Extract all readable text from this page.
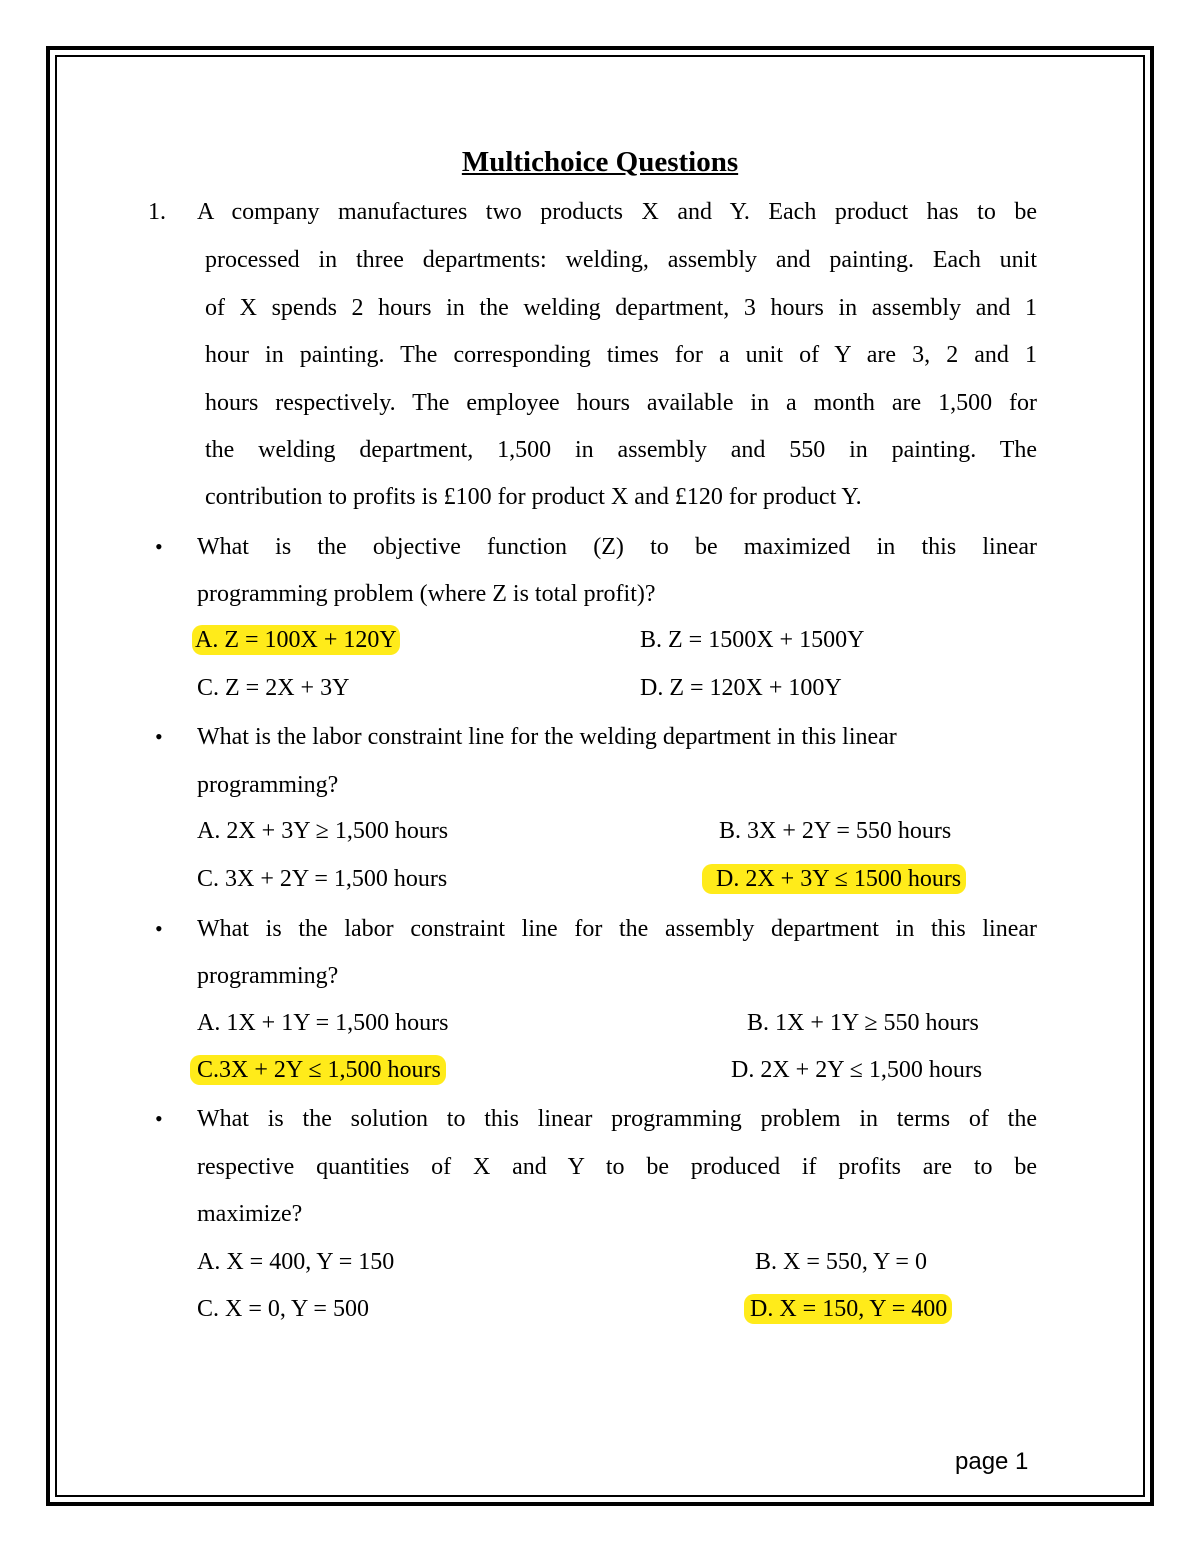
Multichoice Questions
1. A company manufactures two products X and Y. Each product has to be
processed in three departments: welding, assembly and painting. Each unit
of X spends 2 hours in the welding department, 3 hours in assembly and 1
hour in painting. The corresponding times for a unit of Y are 3, 2 and 1
hours respectively. The employee hours available in a month are 1,500 for
the welding department, 1,500 in assembly and 550 in painting. The
contribution to profits is £100 for product X and £120 for product Y.
• What is the objective function (Z) to be maximized in this linear
programming problem (where Z is total profit)?
A. Z = 100X + 120Y	B. Z = 1500X + 1500Y
C. Z = 2X + 3Y	D. Z = 120X + 100Y
• What is the labor constraint line for the welding department in this linear
programming?
A. 2X + 3Y ≥ 1,500 hours	B. 3X + 2Y = 550 hours
C. 3X + 2Y = 1,500 hours	D. 2X + 3Y ≤ 1500 hours
• What is the labor constraint line for the assembly department in this linear
programming?
A. 1X + 1Y = 1,500 hours	B. 1X + 1Y ≥ 550 hours
C.3X + 2Y ≤ 1,500 hours	D. 2X + 2Y ≤ 1,500 hours
• What is the solution to this linear programming problem in terms of the
respective quantities of X and Y to be produced if profits are to be
maximize?
A. X = 400, Y = 150	B. X = 550, Y = 0
C. X = 0, Y = 500	D. X = 150, Y = 400
page 1
